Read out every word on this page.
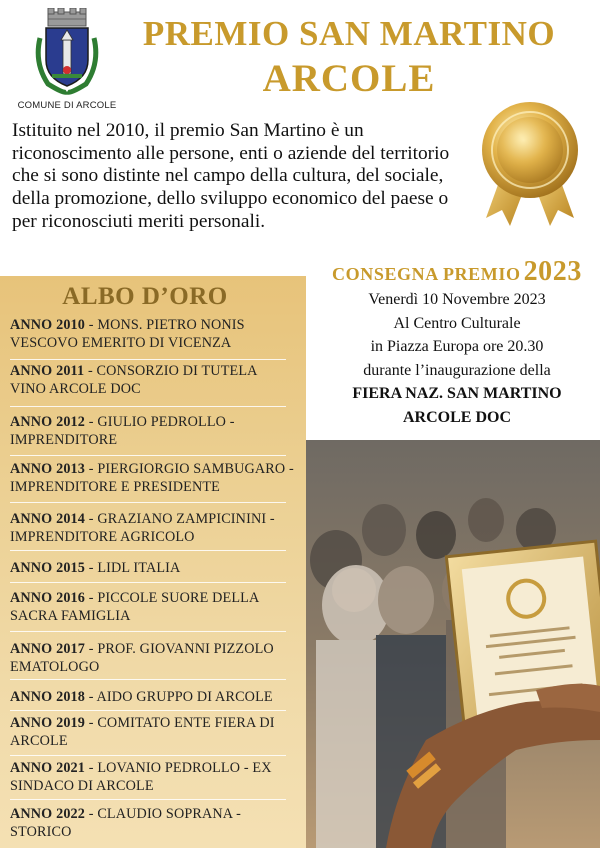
COMUNE DI ARCOLE
PREMIO SAN MARTINO
ARCOLE
Istituito nel 2010, il premio San Martino è un riconoscimento alle persone, enti o aziende del territorio che si sono distinte nel campo della cultura, del sociale, della promozione, dello sviluppo economico del paese o per riconosciuti meriti personali.
ALBO D’ORO
ANNO 2010 - MONS. PIETRO NONIS VESCOVO EMERITO DI VICENZA
ANNO 2011 - CONSORZIO DI TUTELA VINO ARCOLE DOC
ANNO 2012 - GIULIO PEDROLLO - IMPRENDITORE
ANNO 2013 - PIERGIORGIO SAMBUGARO - IMPRENDITORE E PRESIDENTE
ANNO 2014 - GRAZIANO ZAMPICININI - IMPRENDITORE AGRICOLO
ANNO 2015 - LIDL ITALIA
ANNO 2016 - PICCOLE SUORE DELLA SACRA FAMIGLIA
ANNO 2017 - PROF. GIOVANNI PIZZOLO EMATOLOGO
ANNO 2018 - AIDO GRUPPO DI ARCOLE
ANNO 2019 - COMITATO ENTE FIERA DI ARCOLE
ANNO 2021 - LOVANIO PEDROLLO - EX SINDACO DI ARCOLE
ANNO 2022 - CLAUDIO SOPRANA - STORICO
CONSEGNA PREMIO 2023
Venerdì 10 Novembre 2023
Al Centro Culturale
in Piazza Europa ore 20.30
durante l’inaugurazione della
FIERA NAZ. SAN MARTINO
ARCOLE DOC
